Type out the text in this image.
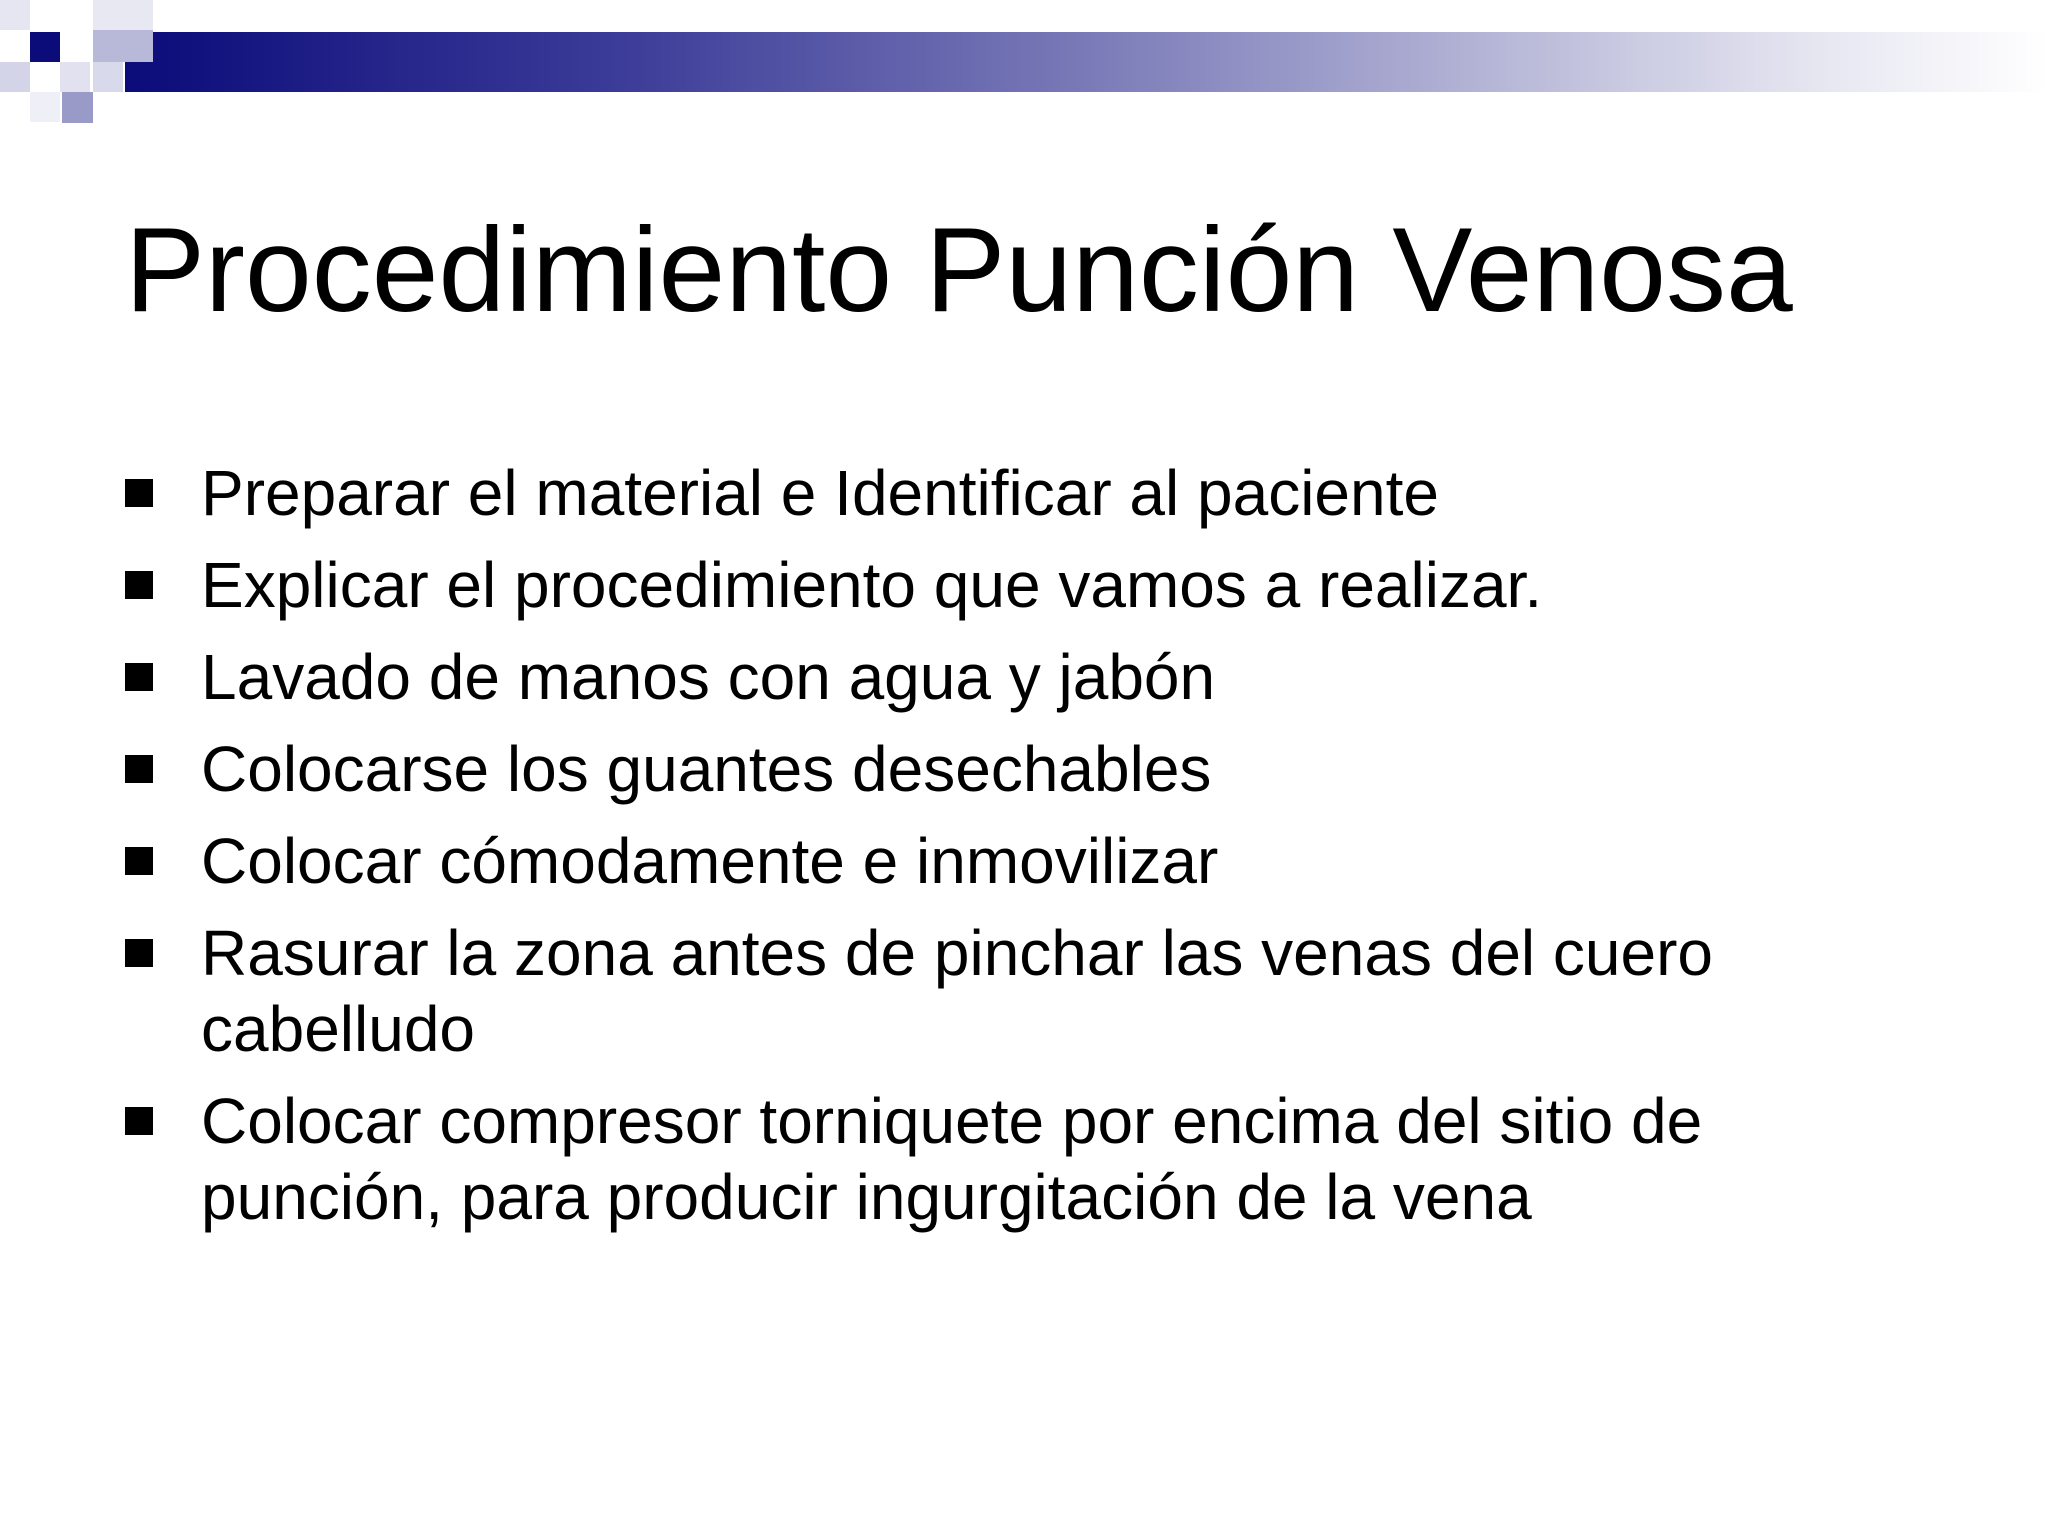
Procedimiento Punción Venosa
Preparar el material e Identificar al paciente
Explicar el procedimiento que vamos a realizar.
Lavado de manos con agua y jabón
Colocarse los guantes desechables
Colocar cómodamente e inmovilizar
Rasurar la zona antes de pinchar las venas del cuero cabelludo
Colocar compresor torniquete por encima del sitio de punción, para producir ingurgitación de la vena
